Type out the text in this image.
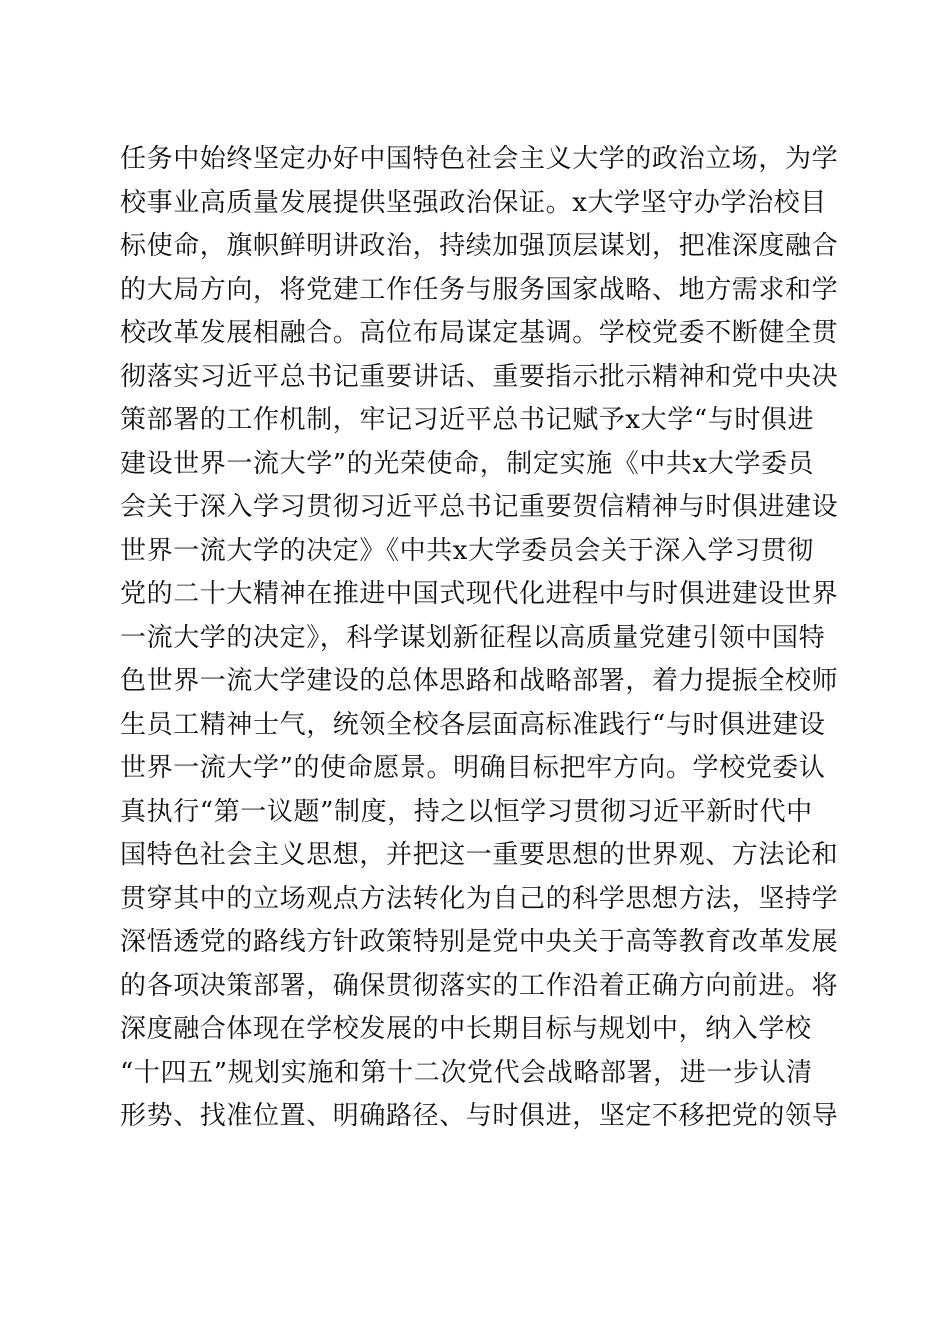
任务中始终坚定办好中国特色社会主义大学的政治立场，为学
校事业高质量发展提供坚强政治保证。x大学坚守办学治校目
标使命，旗帜鲜明讲政治，持续加强顶层谋划，把准深度融合
的大局方向，将党建工作任务与服务国家战略、地方需求和学
校改革发展相融合。高位布局谋定基调。学校党委不断健全贯
彻落实习近平总书记重要讲话、重要指示批示精神和党中央决
策部署的工作机制，牢记习近平总书记赋予x大学“与时俱进
建设世界一流大学”的光荣使命，制定实施《中共x大学委员
会关于深入学习贯彻习近平总书记重要贺信精神与时俱进建设
世界一流大学的决定》《中共x大学委员会关于深入学习贯彻
党的二十大精神在推进中国式现代化进程中与时俱进建设世界
一流大学的决定》，科学谋划新征程以高质量党建引领中国特
色世界一流大学建设的总体思路和战略部署，着力提振全校师
生员工精神士气，统领全校各层面高标准践行“与时俱进建设
世界一流大学”的使命愿景。明确目标把牢方向。学校党委认
真执行“第一议题”制度，持之以恒学习贯彻习近平新时代中
国特色社会主义思想，并把这一重要思想的世界观、方法论和
贯穿其中的立场观点方法转化为自己的科学思想方法，坚持学
深悟透党的路线方针政策特别是党中央关于高等教育改革发展
的各项决策部署，确保贯彻落实的工作沿着正确方向前进。将
深度融合体现在学校发展的中长期目标与规划中，纳入学校
“十四五”规划实施和第十二次党代会战略部署，进一步认清
形势、找准位置、明确路径、与时俱进，坚定不移把党的领导
